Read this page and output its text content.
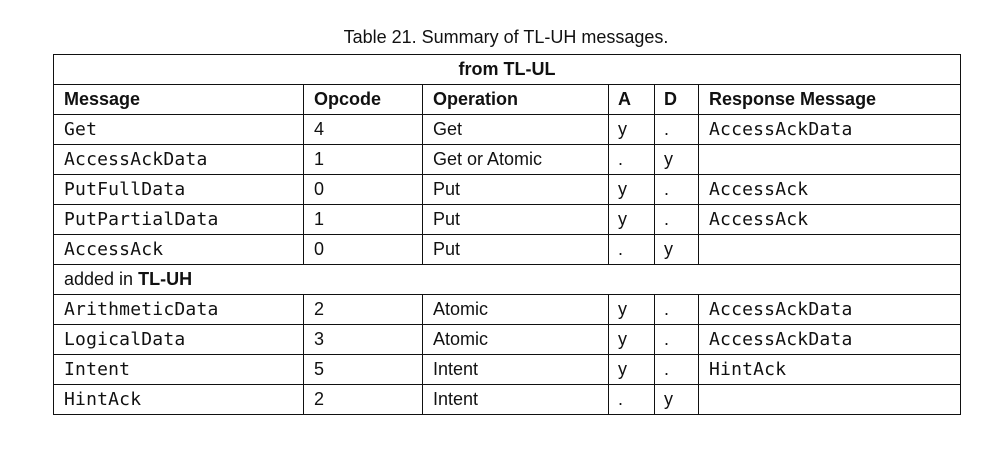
Table 21. Summary of TL-UH messages.
from TL-UL					
Message	Opcode	Operation	A	D	Response Message
Get	4	Get	y	.	AccessAckData
AccessAckData	1	Get or Atomic	.	y	
PutFullData	0	Put	y	.	AccessAck
PutPartialData	1	Put	y	.	AccessAck
AccessAck	0	Put	.	y	
added in TL-UH					
ArithmeticData	2	Atomic	y	.	AccessAckData
LogicalData	3	Atomic	y	.	AccessAckData
Intent	5	Intent	y	.	HintAck
HintAck	2	Intent	.	y	
